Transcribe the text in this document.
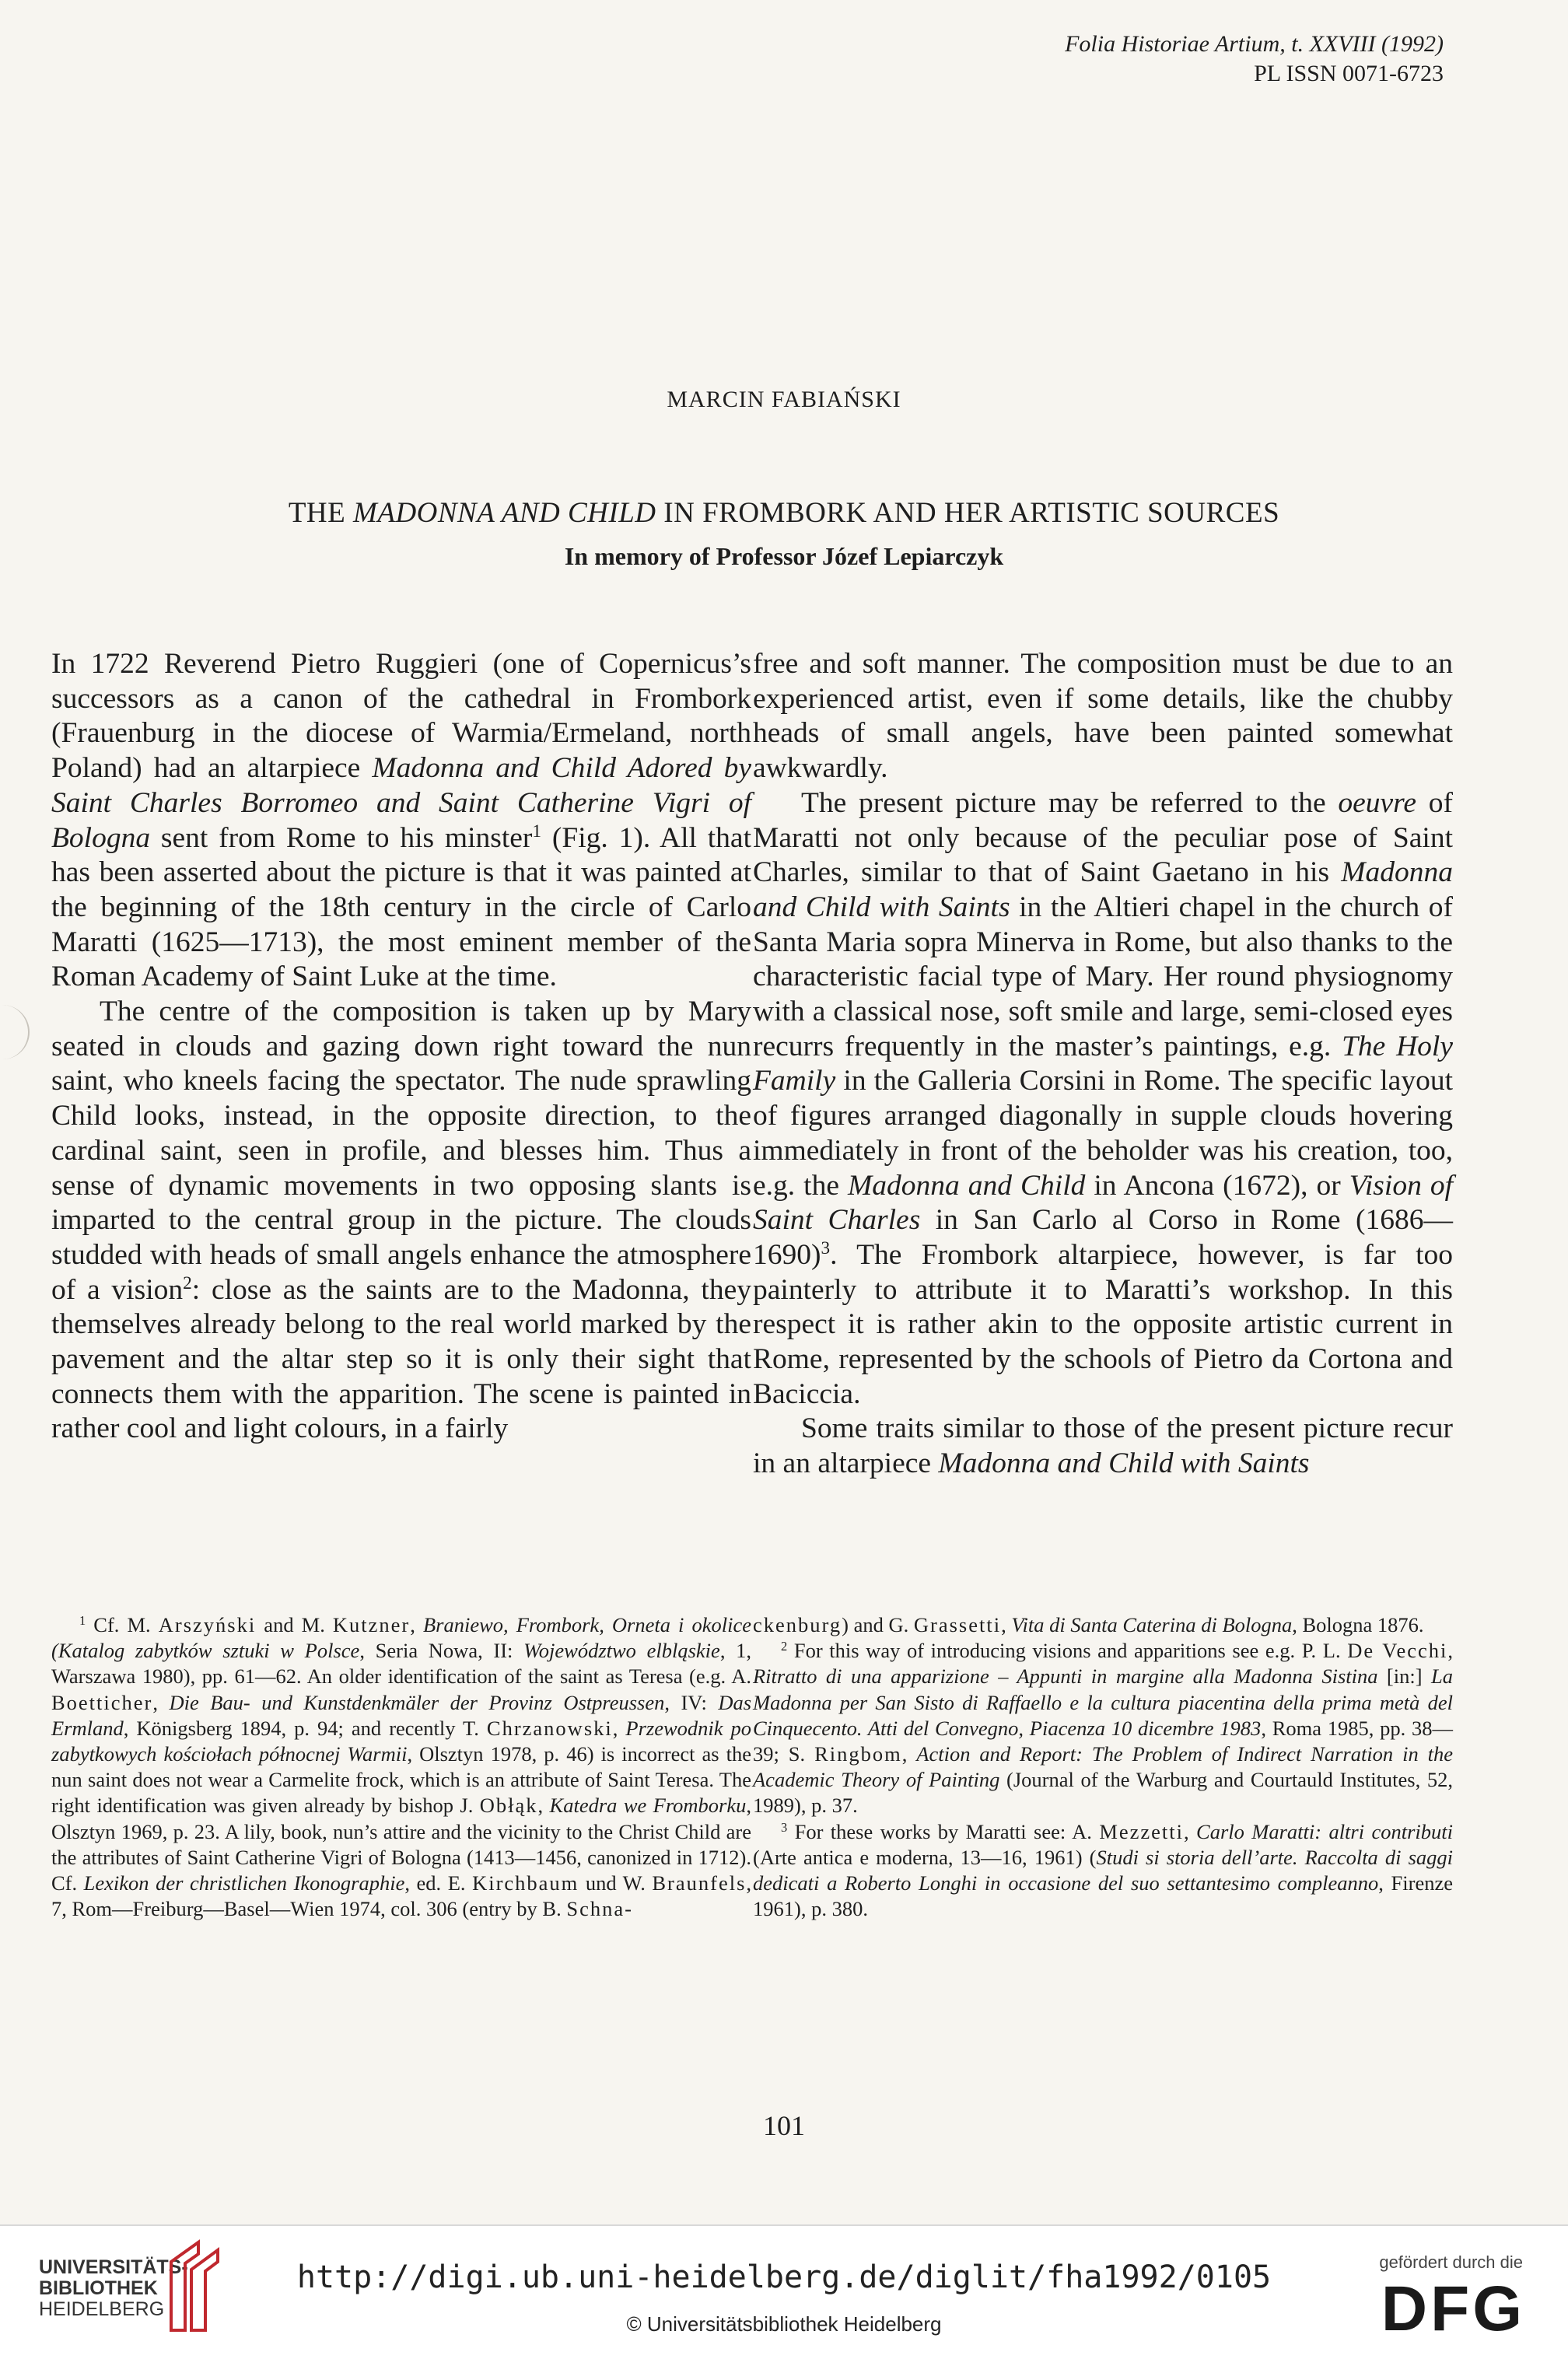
Folia Historiae Artium, t. XXVIII (1992)
PL ISSN 0071-6723
MARCIN FABIAŃSKI
THE MADONNA AND CHILD IN FROMBORK AND HER ARTISTIC SOURCES
In memory of Professor Józef Lepiarczyk

In 1722 Reverend Pietro Ruggieri (one of Copernicus’s successors as a canon of the cathedral in Frombork (Frauenburg in the diocese of Warmia/Ermeland, north Poland) had an altarpiece Madonna and Child Adored by Saint Charles Borromeo and Saint Catherine Vigri of Bologna sent from Rome to his minster$^1$ (Fig. 1). All that has been asserted about the picture is that it was painted at the beginning of the 18th century in the circle of Carlo Maratti (1625—1713), the most eminent member of the Roman Academy of Saint Luke at the time.

The centre of the composition is taken up by Mary seated in clouds and gazing down right toward the nun saint, who kneels facing the spectator. The nude sprawling Child looks, instead, in the opposite direction, to the cardinal saint, seen in profile, and blesses him. Thus a sense of dynamic movements in two opposing slants is imparted to the central group in the picture. The clouds studded with heads of small angels enhance the atmosphere of a vision$^2$: close as the saints are to the Madonna, they themselves already belong to the real world marked by the pavement and the altar step so it is only their sight that connects them with the apparition. The scene is painted in rather cool and light colours, in a fairly

free and soft manner. The composition must be due to an experienced artist, even if some details, like the chubby heads of small angels, have been painted somewhat awkwardly.

The present picture may be referred to the oeuvre of Maratti not only because of the peculiar pose of Saint Charles, similar to that of Saint Gaetano in his Madonna and Child with Saints in the Altieri chapel in the church of Santa Maria sopra Minerva in Rome, but also thanks to the characteristic facial type of Mary. Her round physiognomy with a classical nose, soft smile and large, semi-closed eyes recurrs frequently in the master’s paintings, e.g. The Holy Family in the Galleria Corsini in Rome. The specific layout of figures arranged diagonally in supple clouds hovering immediately in front of the beholder was his creation, too, e.g. the Madonna and Child in Ancona (1672), or Vision of Saint Charles in San Carlo al Corso in Rome (1686—1690)$^3$. The Frombork altarpiece, however, is far too painterly to attribute it to Maratti’s workshop. In this respect it is rather akin to the opposite artistic current in Rome, represented by the schools of Pietro da Cortona and Baciccia.

Some traits similar to those of the present picture recur in an altarpiece Madonna and Child with Saints

$^1$ Cf. M. Arszyński and M. Kutzner, Braniewo, Frombork, Orneta i okolice (Katalog zabytków sztuki w Polsce, Seria Nowa, II: Województwo elbląskie, 1, Warszawa 1980), pp. 61—62. An older identification of the saint as Teresa (e.g. A. Boetticher, Die Bau- und Kunstdenkmäler der Provinz Ostpreussen, IV: Das Ermland, Königsberg 1894, p. 94; and recently T. Chrzanowski, Przewodnik po zabytkowych kościołach północnej Warmii, Olsztyn 1978, p. 46) is incorrect as the nun saint does not wear a Carmelite frock, which is an attribute of Saint Teresa. The right identification was given already by bishop J. Obłąk, Katedra we Fromborku, Olsztyn 1969, p. 23. A lily, book, nun’s attire and the vicinity to the Christ Child are the attributes of Saint Catherine Vigri of Bologna (1413—1456, canonized in 1712). Cf. Lexikon der christlichen Ikonographie, ed. E. Kirchbaum und W. Braunfels, 7, Rom—Freiburg—Basel—Wien 1974, col. 306 (entry by B. Schna-

ckenburg) and G. Grassetti, Vita di Santa Caterina di Bologna, Bologna 1876.

$^2$ For this way of introducing visions and apparitions see e.g. P. L. De Vecchi, Ritratto di una apparizione – Appunti in margine alla Madonna Sistina [in:] La Madonna per San Sisto di Raffaello e la cultura piacentina della prima metà del Cinquecento. Atti del Convegno, Piacenza 10 dicembre 1983, Roma 1985, pp. 38—39; S. Ringbom, Action and Report: The Problem of Indirect Narration in the Academic Theory of Painting (Journal of the Warburg and Courtauld Institutes, 52, 1989), p. 37.

$^3$ For these works by Maratti see: A. Mezzetti, Carlo Maratti: altri contributi (Arte antica e moderna, 13—16, 1961) (Studi si storia dell’arte. Raccolta di saggi dedicati a Roberto Longhi in occasione del suo settantesimo compleanno, Firenze 1961), p. 380.

101
UNIVERSITÄTS-
BIBLIOTHEK
HEIDELBERG
http://digi.ub.uni-heidelberg.de/diglit/fha1992/0105
© Universitätsbibliothek Heidelberg
gefördert durch die
DFG
